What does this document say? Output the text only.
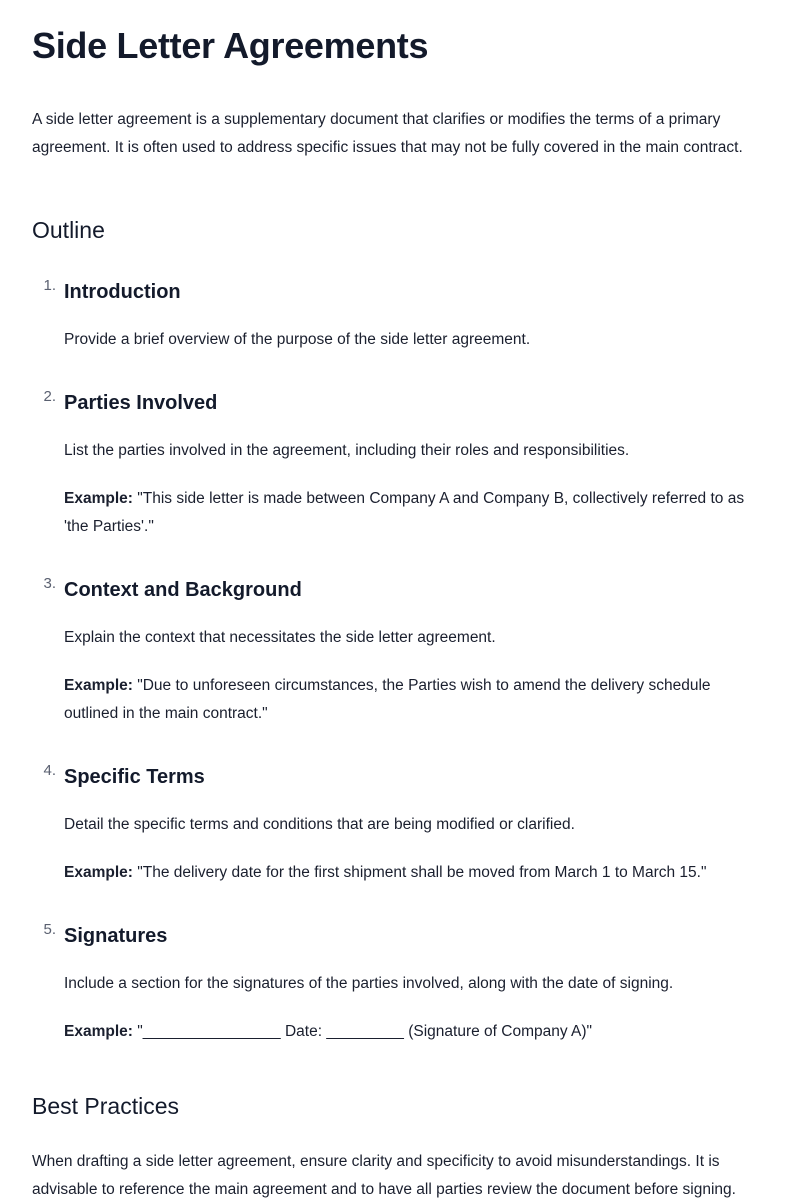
Side Letter Agreements

A side letter agreement is a supplementary document that clarifies or modifies the terms of a primary agreement. It is often used to address specific issues that may not be fully covered in the main contract.

Outline
1. Introduction

Provide a brief overview of the purpose of the side letter agreement.

2. Parties Involved

List the parties involved in the agreement, including their roles and responsibilities.

Example: "This side letter is made between Company A and Company B, collectively referred to as 'the Parties'."

3. Context and Background

Explain the context that necessitates the side letter agreement.

Example: "Due to unforeseen circumstances, the Parties wish to amend the delivery schedule outlined in the main contract."

4. Specific Terms

Detail the specific terms and conditions that are being modified or clarified.

Example: "The delivery date for the first shipment shall be moved from March 1 to March 15."

5. Signatures

Include a section for the signatures of the parties involved, along with the date of signing.

Example: "________________ Date: _________ (Signature of Company A)"

Best Practices

When drafting a side letter agreement, ensure clarity and specificity to avoid misunderstandings. It is advisable to reference the main agreement and to have all parties review the document before signing.
